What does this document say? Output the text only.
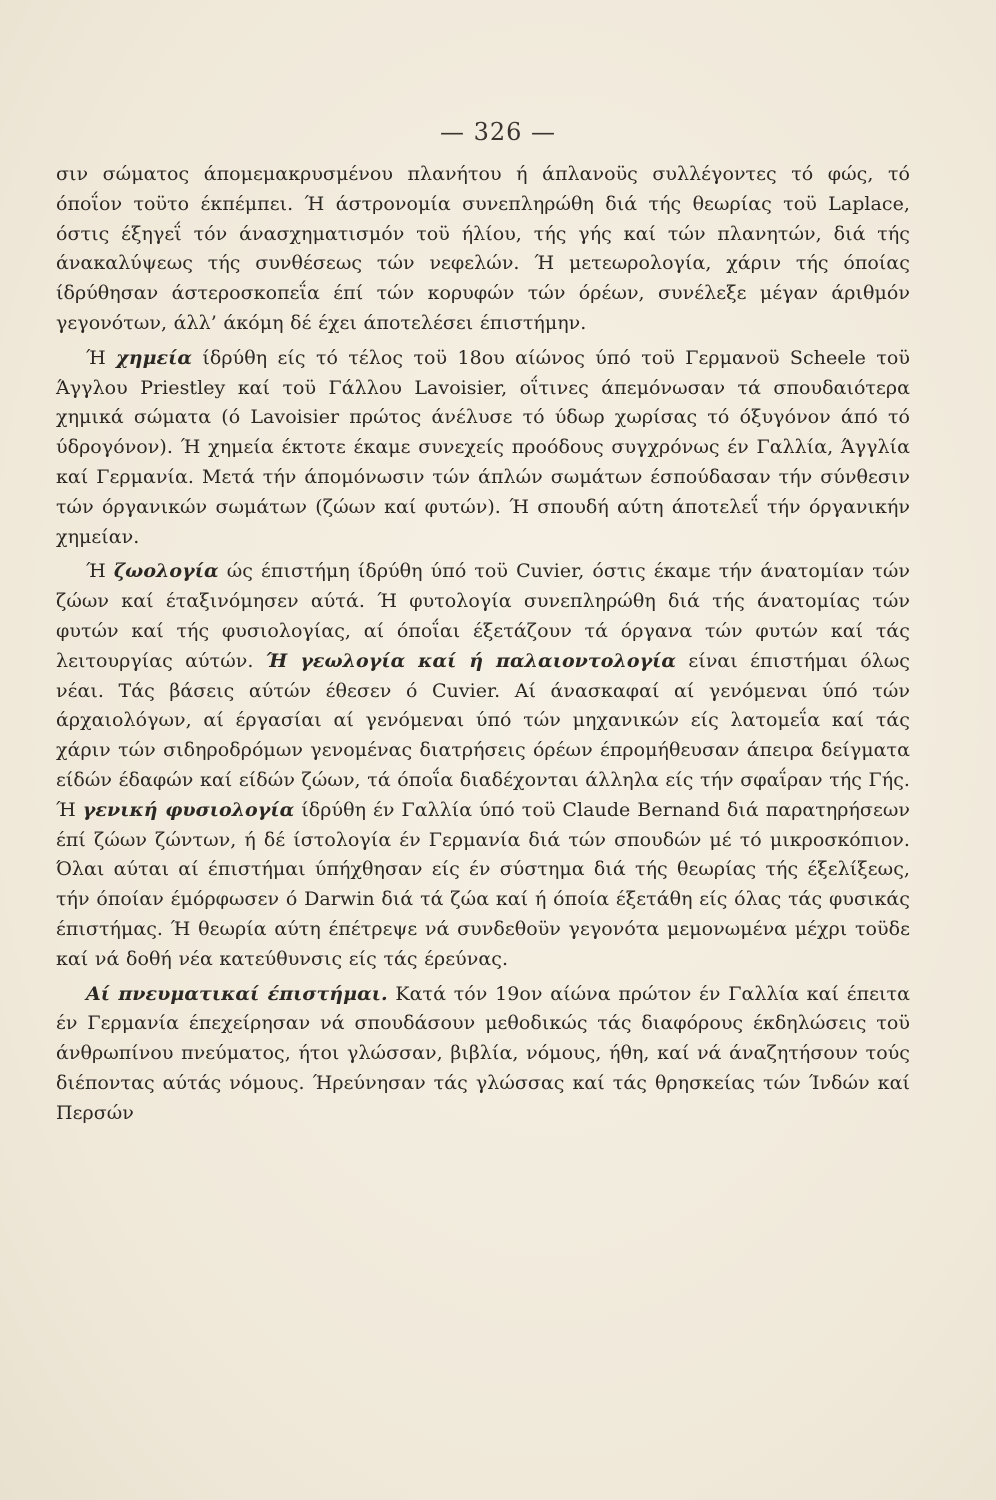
— 326 —

σιν σώματος άπομεμακρυσμένου πλανήτου ή άπλανοϋς συλλέγοντες τό φώς, τό όποΐον τοϋτο έκπέμπει. Ή άστρονομία συνεπληρώθη διά τής θεωρίας τοϋ Laplace, όστις έξηγεΐ τόν άνασχηματισμόν τοϋ ήλίου, τής γής καί τών πλανητών, διά τής άνακαλύψεως τής συνθέσεως τών νεφελών. Ή μετεωρολογία, χάριν τής όποίας ίδρύθησαν άστεροσκοπεΐα έπί τών κορυφών τών όρέων, συνέλεξε μέγαν άριθμόν γεγονότων, άλλ’ άκόμη δέ έχει άποτελέσει έπιστήμην.

Ή χημεία ίδρύθη είς τό τέλος τοϋ 18ου αίώνος ύπό τοϋ Γερμανοϋ Scheele τοϋ Άγγλου Priestley καί τοϋ Γάλλου Lavoisier, οΐτινες άπεμόνωσαν τά σπουδαιότερα χημικά σώματα (ό Lavoisier πρώτος άνέλυσε τό ύδωρ χωρίσας τό όξυγόνον άπό τό ύδρογόνον). Ή χημεία έκτοτε έκαμε συνεχείς προόδους συγχρόνως έν Γαλλία, Άγγλία καί Γερμανία. Μετά τήν άπομόνωσιν τών άπλών σωμάτων έσπούδασαν τήν σύνθεσιν τών όργανικών σωμάτων (ζώων καί φυτών). Ή σπουδή αύτη άποτελεΐ τήν όργανικήν χημείαν.

Ή ζωολογία ώς έπιστήμη ίδρύθη ύπό τοϋ Cuvier, όστις έκαμε τήν άνατομίαν τών ζώων καί έταξινόμησεν αύτά. Ή φυτολογία συνεπληρώθη διά τής άνατομίας τών φυτών καί τής φυσιολογίας, αί όποΐαι έξετάζουν τά όργανα τών φυτών καί τάς λειτουργίας αύτών. Ή γεωλογία καί ή παλαιοντολογία είναι έπιστήμαι όλως νέαι. Τάς βάσεις αύτών έθεσεν ό Cuvier. Αί άνασκαφαί αί γενόμεναι ύπό τών άρχαιολόγων, αί έργασίαι αί γενόμεναι ύπό τών μηχανικών είς λατομεΐα καί τάς χάριν τών σιδηροδρόμων γενομένας διατρήσεις όρέων έπρομήθευσαν άπειρα δείγματα είδών έδαφών καί είδών ζώων, τά όποΐα διαδέχονται άλληλα είς τήν σφαΐραν τής Γής. Ή γενική φυσιολογία ίδρύθη έν Γαλλία ύπό τοϋ Claude Bernand διά παρατηρήσεων έπί ζώων ζώντων, ή δέ ίστολογία έν Γερμανία διά τών σπουδών μέ τό μικροσκόπιον. Όλαι αύται αί έπιστήμαι ύπήχθησαν είς έν σύστημα διά τής θεωρίας τής έξελίξεως, τήν όποίαν έμόρφωσεν ό Darwin διά τά ζώα καί ή όποία έξετάθη είς όλας τάς φυσικάς έπιστήμας. Ή θεωρία αύτη έπέτρεψε νά συνδεθοϋν γεγονότα μεμονωμένα μέχρι τοϋδε καί νά δοθή νέα κατεύθυνσις είς τάς έρεύνας.

Αί πνευματικαί έπιστήμαι. Κατά τόν 19ον αίώνα πρώτον έν Γαλλία καί έπειτα έν Γερμανία έπεχείρησαν νά σπουδάσουν μεθοδικώς τάς διαφόρους έκδηλώσεις τοϋ άνθρωπίνου πνεύματος, ήτοι γλώσσαν, βιβλία, νόμους, ήθη, καί νά άναζητήσουν τούς διέποντας αύτάς νόμους. Ήρεύνησαν τάς γλώσσας καί τάς θρησκείας τών Ίνδών καί Περσών
